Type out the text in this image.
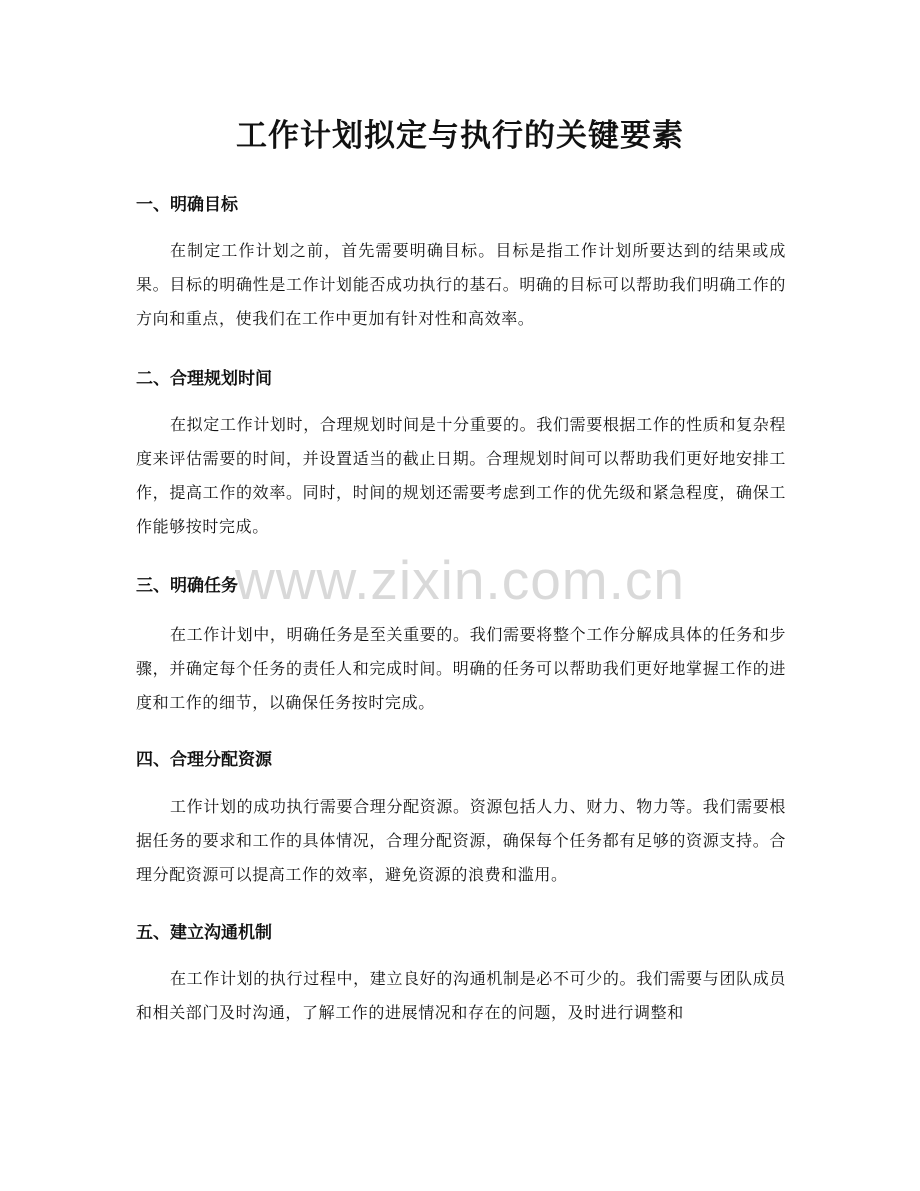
工作计划拟定与执行的关键要素
www.zixin.com.cn
一、明确目标

在制定工作计划之前，首先需要明确目标。目标是指工作计划所要达到的结果或成果。目标的明确性是工作计划能否成功执行的基石。明确的目标可以帮助我们明确工作的方向和重点，使我们在工作中更加有针对性和高效率。

二、合理规划时间

在拟定工作计划时，合理规划时间是十分重要的。我们需要根据工作的性质和复杂程度来评估需要的时间，并设置适当的截止日期。合理规划时间可以帮助我们更好地安排工作，提高工作的效率。同时，时间的规划还需要考虑到工作的优先级和紧急程度，确保工作能够按时完成。

三、明确任务

在工作计划中，明确任务是至关重要的。我们需要将整个工作分解成具体的任务和步骤，并确定每个任务的责任人和完成时间。明确的任务可以帮助我们更好地掌握工作的进度和工作的细节，以确保任务按时完成。

四、合理分配资源

工作计划的成功执行需要合理分配资源。资源包括人力、财力、物力等。我们需要根据任务的要求和工作的具体情况，合理分配资源，确保每个任务都有足够的资源支持。合理分配资源可以提高工作的效率，避免资源的浪费和滥用。

五、建立沟通机制

在工作计划的执行过程中，建立良好的沟通机制是必不可少的。我们需要与团队成员和相关部门及时沟通，了解工作的进展情况和存在的问题，及时进行调整和
